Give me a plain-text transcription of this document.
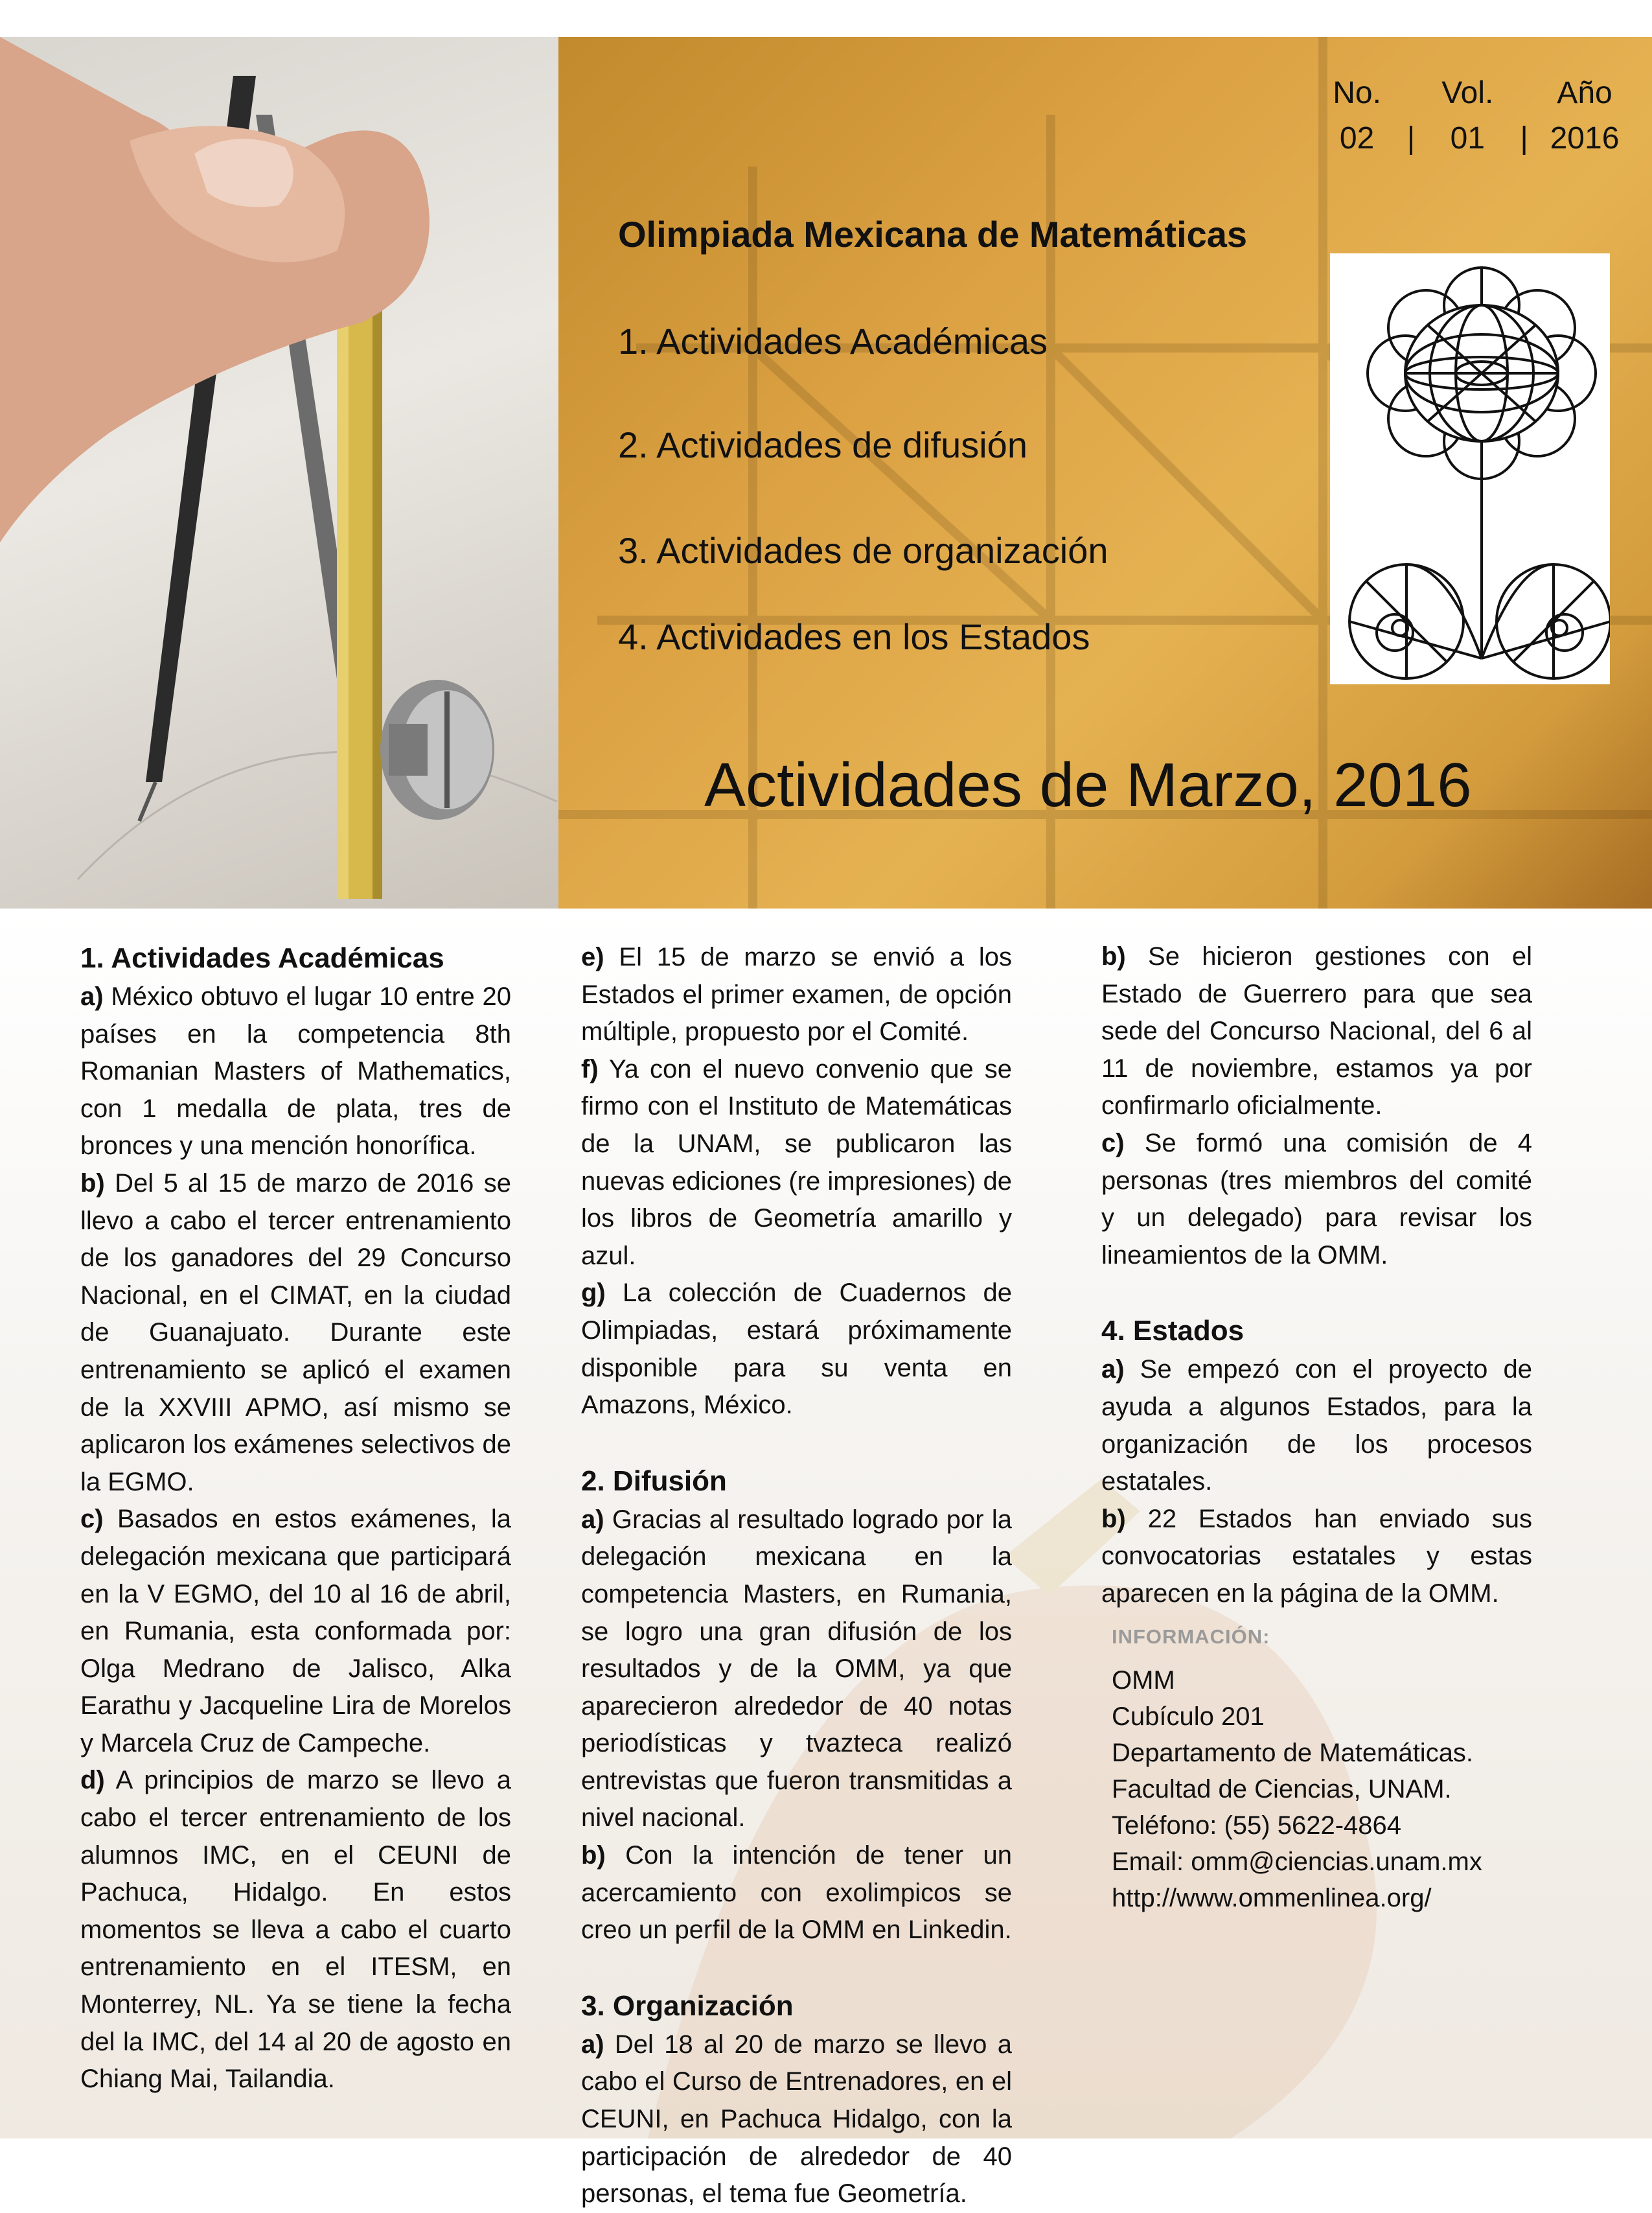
No. Vol. Año
02 | 01 | 2016
Olimpiada Mexicana de Matemáticas
1. Actividades Académicas
2. Actividades de difusión
3. Actividades de organización
4. Actividades en los Estados
Actividades de Marzo, 2016
1. Actividades Académicas

a) México obtuvo el lugar 10 entre 20 países en la competencia 8th Romanian Masters of Mathematics, con 1 medalla de plata, tres de bronces y una mención honorífica.

b) Del 5 al 15 de marzo de 2016 se llevo a cabo el tercer entrenamiento de los ganadores del 29 Concurso Nacional, en el CIMAT, en la ciudad de Guanajuato. Durante este entrenamiento se aplicó el examen de la XXVIII APMO, así mismo se aplicaron los exámenes selectivos de la EGMO.

c) Basados en estos exámenes, la delegación mexicana que participará en la V EGMO, del 10 al 16 de abril, en Rumania, esta conformada por: Olga Medrano de Jalisco, Alka Earathu y Jacqueline Lira de Morelos y Marcela Cruz de Campeche.

d) A principios de marzo se llevo a cabo el tercer entrenamiento de los alumnos IMC, en el CEUNI de Pachuca, Hidalgo. En estos momentos se lleva a cabo el cuarto entrenamiento en el ITESM, en Monterrey, NL. Ya se tiene la fecha del la IMC, del 14 al 20 de agosto en Chiang Mai, Tailandia.

e) El 15 de marzo se envió a los Estados el primer examen, de opción múltiple, propuesto por el Comité.

f) Ya con el nuevo convenio que se firmo con el Instituto de Matemáticas de la UNAM, se publicaron las nuevas ediciones (re impresiones) de los libros de Geometría amarillo y azul.

g) La colección de Cuadernos de Olimpiadas, estará próximamente disponible para su venta en Amazons, México.

2. Difusión

a) Gracias al resultado logrado por la delegación mexicana en la competencia Masters, en Rumania, se logro una gran difusión de los resultados y de la OMM, ya que aparecieron alrededor de 40 notas periodísticas y tvazteca realizó entrevistas que fueron transmitidas a nivel nacional.

b) Con la intención de tener un acercamiento con exolimpicos se creo un perfil de la OMM en Linkedin.

3. Organización

a) Del 18 al 20 de marzo se llevo a cabo el Curso de Entrenadores, en el CEUNI, en Pachuca Hidalgo, con la participación de alrededor de 40 personas, el tema fue Geometría.

b) Se hicieron gestiones con el Estado de Guerrero para que sea sede del Concurso Nacional, del 6 al 11 de noviembre, estamos ya por confirmarlo oficialmente.

c) Se formó una comisión de 4 personas (tres miembros del comité y un delegado) para revisar los lineamientos de la OMM.

4. Estados

a) Se empezó con el proyecto de ayuda a algunos Estados, para la organización de los procesos estatales.

b) 22 Estados han enviado sus convocatorias estatales y estas aparecen en la página de la OMM.

INFORMACIÓN:

OMM

Cubículo 201

Departamento de Matemáticas.

Facultad de Ciencias, UNAM.

Teléfono: (55) 5622-4864

Email: omm@ciencias.unam.mx

http://www.ommenlinea.org/
